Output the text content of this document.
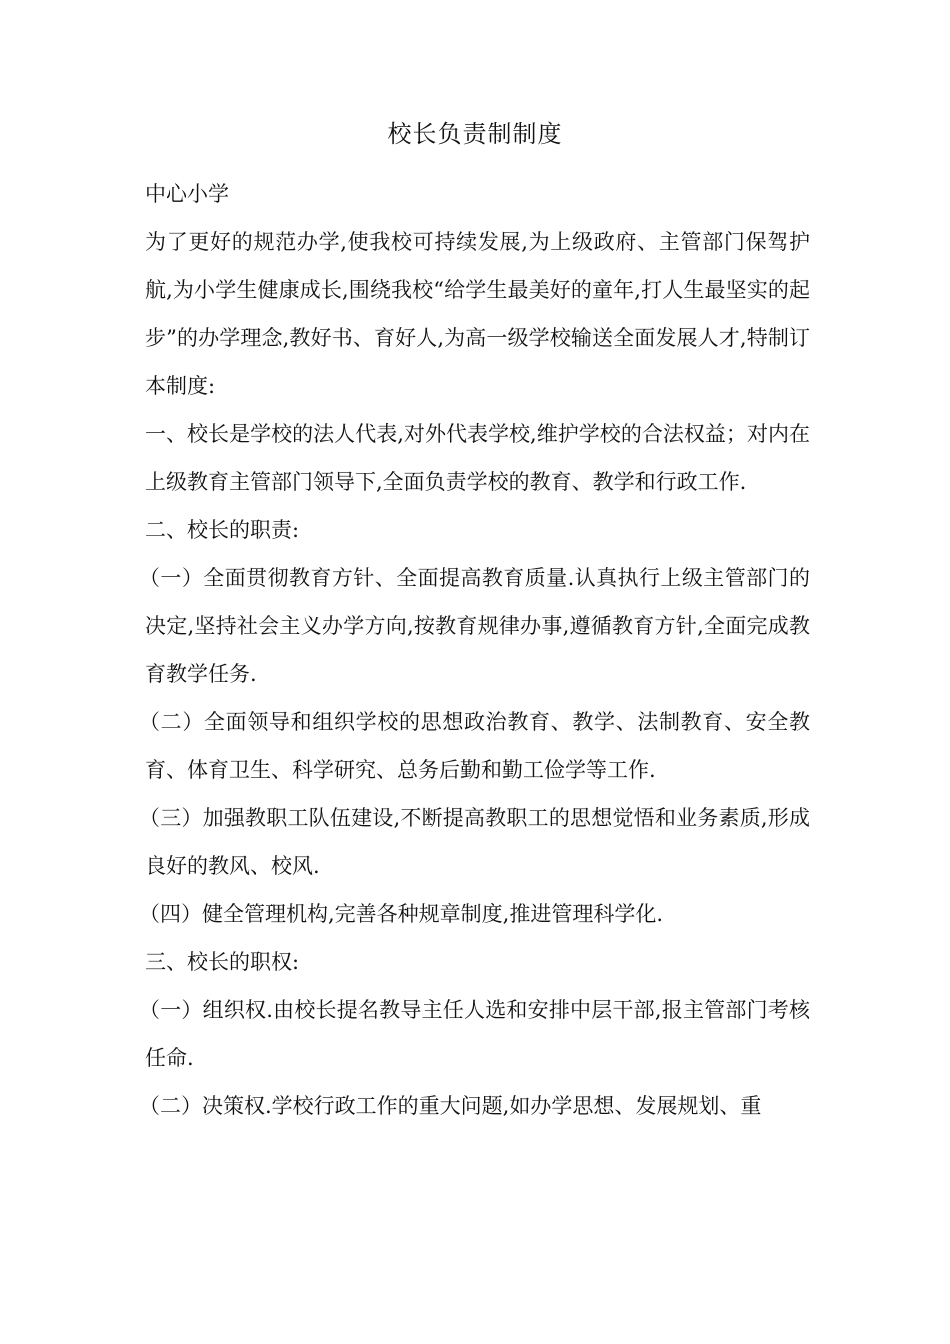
校长负责制制度

中心小学

为了更好的规范办学,使我校可持续发展,为上级政府、主管部门保驾护航,为小学生健康成长,围绕我校“给学生最美好的童年,打人生最坚实的起步”的办学理念,教好书、育好人,为高一级学校输送全面发展人才,特制订本制度:

一、校长是学校的法人代表,对外代表学校,维护学校的合法权益；对内在上级教育主管部门领导下,全面负责学校的教育、教学和行政工作.

二、校长的职责:

（一）全面贯彻教育方针、全面提高教育质量.认真执行上级主管部门的决定,坚持社会主义办学方向,按教育规律办事,遵循教育方针,全面完成教育教学任务.

（二）全面领导和组织学校的思想政治教育、教学、法制教育、安全教育、体育卫生、科学研究、总务后勤和勤工俭学等工作.

（三）加强教职工队伍建设,不断提高教职工的思想觉悟和业务素质,形成良好的教风、校风.

（四）健全管理机构,完善各种规章制度,推进管理科学化.

三、校长的职权:

（一）组织权.由校长提名教导主任人选和安排中层干部,报主管部门考核任命.

（二）决策权.学校行政工作的重大问题,如办学思想、发展规划、重
